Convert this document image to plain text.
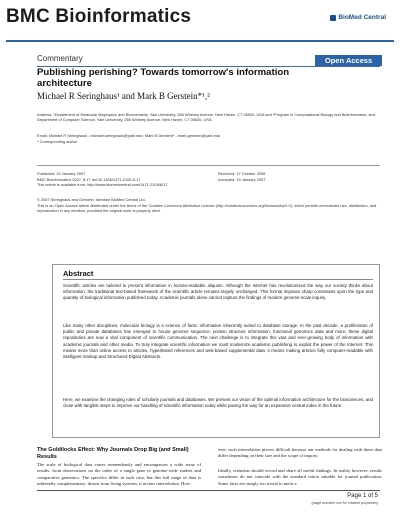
BMC Bioinformatics	BioMed Central
Commentary	Open Access
Publishing perishing? Towards tomorrow's information architecture
Michael R Seringhaus¹ and Mark B Gerstein*¹,²
Address: ¹Department of Molecular Biophysics and Biochemistry, Yale University, 266 Whitney Avenue, New Haven, CT 06520, USA and ²Program in Computational Biology and Bioinformatics, and Department of Computer Science, Yale University, 266 Whitney Avenue, New Haven, CT 06520, USA
Email: Michael R Seringhaus - michael.seringhaus@yale.edu; Mark B Gerstein* - mark.gerstein@yale.edu
* Corresponding author
Published: 19 January 2007
BMC Bioinformatics 2007, 8:17 doi:10.1186/1471-2105-8-17
This article is available from: http://www.biomedcentral.com/1471-2105/8/17
Received: 17 October 2006
Accepted: 19 January 2007
© 2007 Seringhaus and Gerstein; licensee BioMed Central Ltd.
This is an Open Access article distributed under the terms of the Creative Commons Attribution License (http://creativecommons.org/licenses/by/2.0), which permits unrestricted use, distribution, and reproduction in any medium, provided the original work is properly cited.
Abstract
Scientific articles are tailored to present information in human-readable aliquots. Although the Internet has revolutionized the way our society thinks about information, the traditional text-based framework of the scientific article remains largely unchanged. This format imposes sharp constraints upon the type and quantity of biological information published today. Academic journals alone cannot capture the findings of modern genome-scale inquiry.
Like many other disciplines, molecular biology is a science of facts: information inherently suited to database storage. In the past decade, a proliferation of public and private databases has emerged to house genome sequence, protein structure information, functional genomics data and more; these digital repositories are now a vital component of scientific communication. The next challenge is to integrate this vast and ever-growing body of information with academic journals and other media. To truly integrate scientific information we must modernize academic publishing to exploit the power of the Internet. This means more than online access to articles, hyperlinked references and web-based supplemental data; it means making articles fully computer-readable with intelligent markup and Structured Digital Abstracts.
Here, we examine the changing roles of scholarly journals and databases. We present our vision of the optimal information architecture for the biosciences, and close with tangible steps to improve our handling of scientific information today while paving the way for an expansive central index in the future.
The Goldilocks Effect: Why Journals Drop Big (and Small) Results
The scale of biological data varies tremendously and encompasses a wide array of results: from observations on the order of a single gene to genome-wide studies and comparative genomics. The specifics differ in each case, but this full range of data is inherently complementary: drawn from living systems, it invites interrelation. How-
ever, such interrelation proves difficult because our methods for dealing with these data differ depending on their size and the scope of inquiry.
Ideally, scientists should record and share all useful findings. In reality however, results sometimes do not coincide with the standard ration suitable for journal publication. Some facts are simply too trivial to merit a
Page 1 of 5
(page number not for citation purposes)
